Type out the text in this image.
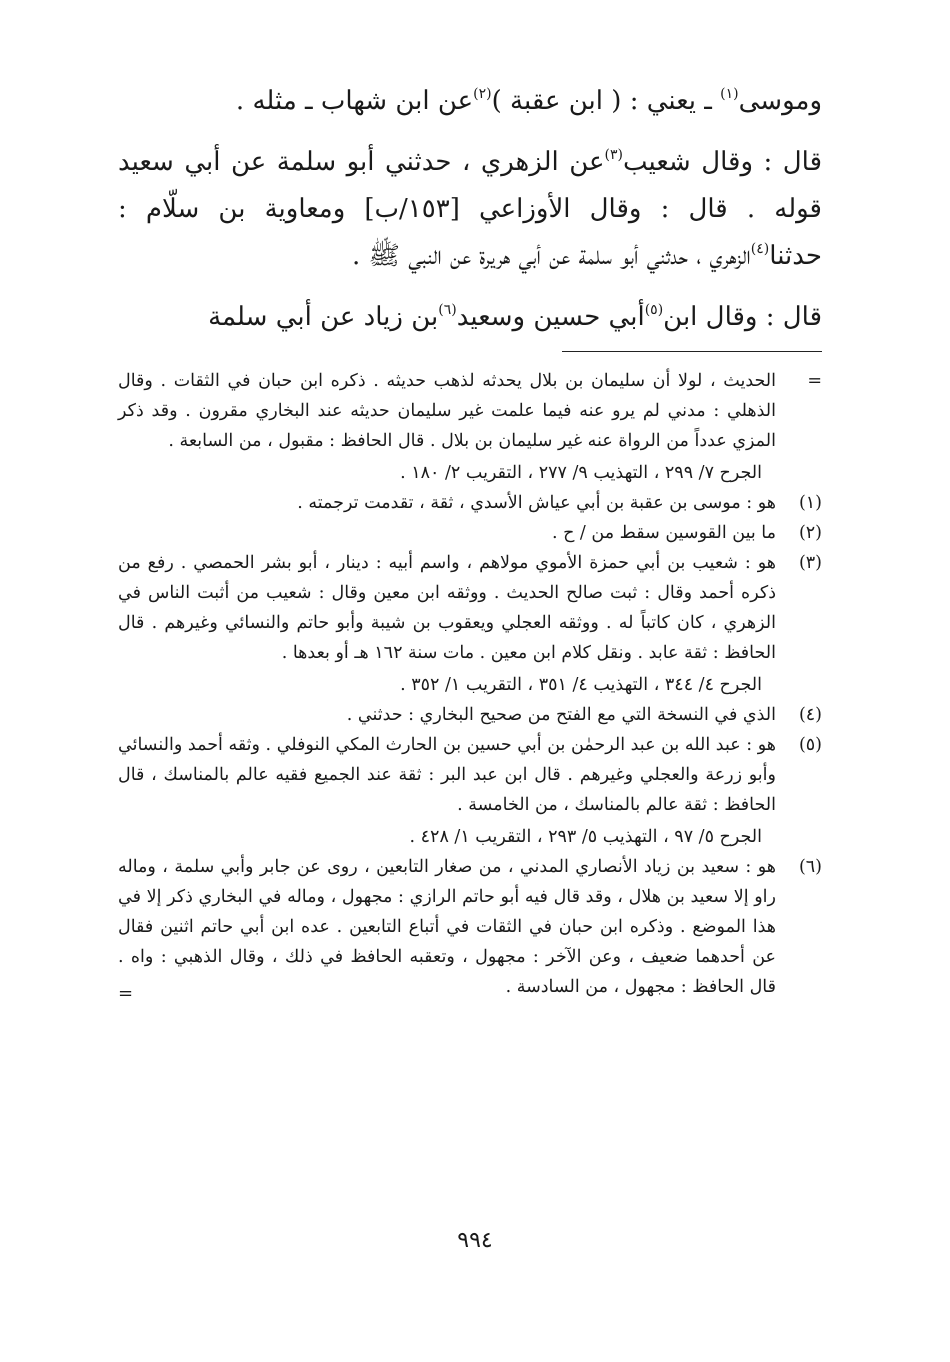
وموسى$^{(١)}$ ـ يعني : ( ابن عقبة )$^{(٢)}$عن ابن شهاب ـ مثله .

قال : وقال شعيب$^{(٣)}$عن الزهري ، حدثني أبو سلمة عن أبي سعيد قوله . قال : وقال الأوزاعي [١٥٣/ب] ومعاوية بن سلّام : حدثنا$^{(٤)}$الزهري ، حدثني أبو سلمة عن أبي هريرة عن النبي ﷺ .

قال : وقال ابن$^{(٥)}$أبي حسين وسعيد$^{(٦)}$بن زياد عن أبي سلمة

=
الحديث ، لولا أن سليمان بن بلال يحدثه لذهب حديثه . ذكره ابن حبان في الثقات . وقال الذهلي : مدني لم يرو عنه فيما علمت غير سليمان حديثه عند البخاري مقرون . وقد ذكر المزي عدداً من الرواة عنه غير سليمان بن بلال . قال الحافظ : مقبول ، من السابعة .
الجرح ٧/ ٢٩٩ ، التهذيب ٩/ ٢٧٧ ، التقريب ٢/ ١٨٠ .
(١)
هو : موسى بن عقبة بن أبي عياش الأسدي ، ثقة ، تقدمت ترجمته .
(٢)
ما بين القوسين سقط من / ح .
(٣)
هو : شعيب بن أبي حمزة الأموي مولاهم ، واسم أبيه : دينار ، أبو بشر الحمصي . رفع من ذكره أحمد وقال : ثبت صالح الحديث . ووثقه ابن معين وقال : شعيب من أثبت الناس في الزهري ، كان كاتباً له . ووثقه العجلي ويعقوب بن شيبة وأبو حاتم والنسائي وغيرهم . قال الحافظ : ثقة عابد . ونقل كلام ابن معين . مات سنة ١٦٢ هـ أو بعدها .
الجرح ٤/ ٣٤٤ ، التهذيب ٤/ ٣٥١ ، التقريب ١/ ٣٥٢ .
(٤)
الذي في النسخة التي مع الفتح من صحيح البخاري : حدثني .
(٥)
هو : عبد الله بن عبد الرحمٰن بن أبي حسين بن الحارث المكي النوفلي . وثقه أحمد والنسائي وأبو زرعة والعجلي وغيرهم . قال ابن عبد البر : ثقة عند الجميع فقيه عالم بالمناسك ، قال الحافظ : ثقة عالم بالمناسك ، من الخامسة .
الجرح ٥/ ٩٧ ، التهذيب ٥/ ٢٩٣ ، التقريب ١/ ٤٢٨ .
(٦)
هو : سعيد بن زياد الأنصاري المدني ، من صغار التابعين ، روى عن جابر وأبي سلمة ، وماله راو إلا سعيد بن هلال ، وقد قال فيه أبو حاتم الرازي : مجهول ، وماله في البخاري ذكر إلا في هذا الموضع . وذكره ابن حبان في الثقات في أتباع التابعين . عده ابن أبي حاتم اثنين فقال عن أحدهما ضعيف ، وعن الآخر : مجهول ، وتعقبه الحافظ في ذلك ، وقال الذهبي : واه . قال الحافظ : مجهول ، من السادسة .
=
٩٩٤
